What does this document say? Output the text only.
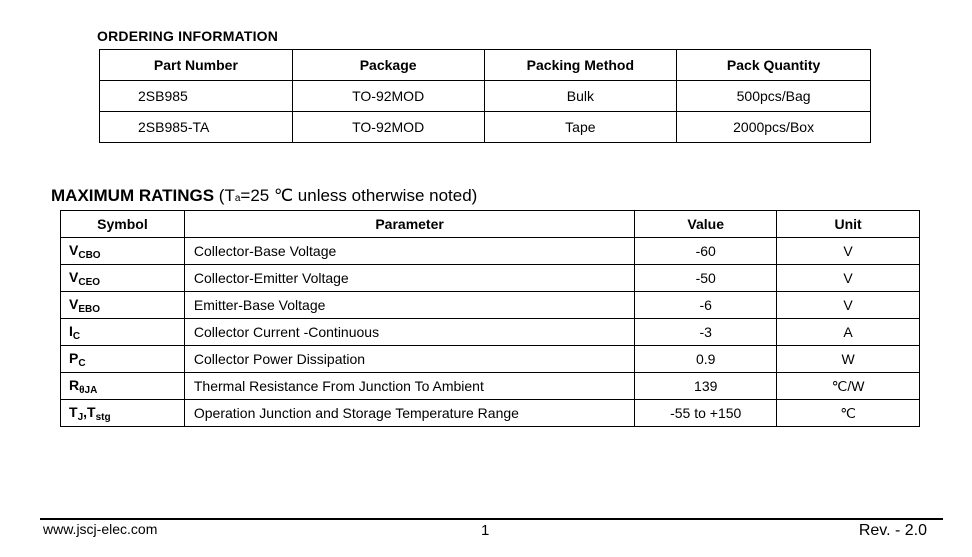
ORDERING INFORMATION
Part Number	Package	Packing Method	Pack Quantity
2SB985	TO-92MOD	Bulk	500pcs/Bag
2SB985-TA	TO-92MOD	Tape	2000pcs/Box
MAXIMUM RATINGS (Ta=25 ℃ unless otherwise noted)
Symbol	Parameter	Value	Unit
$V_{CBO}$	Collector-Base Voltage	-60	V
$V_{CEO}$	Collector-Emitter Voltage	-50	V
$V_{EBO}$	Emitter-Base Voltage	-6	V
$I_C$	Collector Current -Continuous	-3	A
$P_C$	Collector Power Dissipation	0.9	W
$R_{\theta JA}$	Thermal Resistance From Junction To Ambient	139	℃/W
$T_J,T_{stg}$	Operation Junction and Storage Temperature Range	-55 to +150	℃
www.jscj-elec.com	1	Rev. - 2.0
